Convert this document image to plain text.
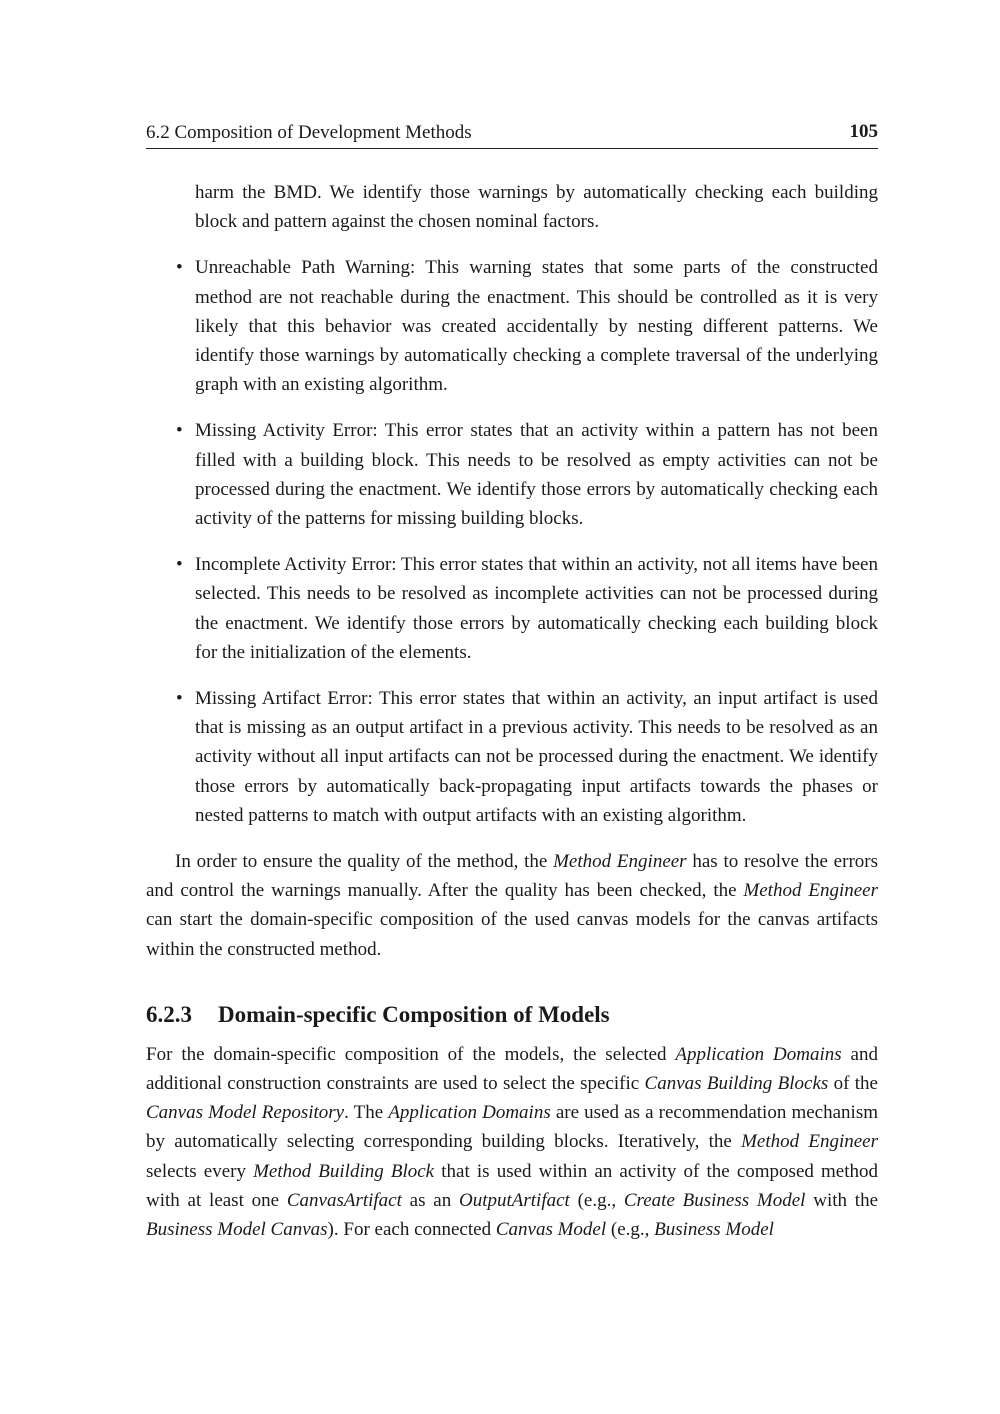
6.2 Composition of Development Methods	105
harm the BMD. We identify those warnings by automatically checking each building block and pattern against the chosen nominal factors.
• Unreachable Path Warning: This warning states that some parts of the constructed method are not reachable during the enactment. This should be controlled as it is very likely that this behavior was created accidentally by nesting different patterns. We identify those warnings by automatically checking a complete traversal of the underlying graph with an existing algorithm.
• Missing Activity Error: This error states that an activity within a pattern has not been filled with a building block. This needs to be resolved as empty activities can not be processed during the enactment. We identify those errors by automatically checking each activity of the patterns for missing building blocks.
• Incomplete Activity Error: This error states that within an activity, not all items have been selected. This needs to be resolved as incomplete activities can not be processed during the enactment. We identify those errors by automatically checking each building block for the initialization of the elements.
• Missing Artifact Error: This error states that within an activity, an input artifact is used that is missing as an output artifact in a previous activity. This needs to be resolved as an activity without all input artifacts can not be processed during the enactment. We identify those errors by automatically back-propagating input artifacts towards the phases or nested patterns to match with output artifacts with an existing algorithm.

In order to ensure the quality of the method, the Method Engineer has to resolve the errors and control the warnings manually. After the quality has been checked, the Method Engineer can start the domain-specific composition of the used canvas models for the canvas artifacts within the constructed method.

6.2.3 Domain-specific Composition of Models

For the domain-specific composition of the models, the selected Application Domains and additional construction constraints are used to select the specific Canvas Building Blocks of the Canvas Model Repository. The Application Domains are used as a recommendation mechanism by automatically selecting corresponding building blocks. Iteratively, the Method Engineer selects every Method Building Block that is used within an activity of the composed method with at least one CanvasArtifact as an OutputArtifact (e.g., Create Business Model with the Business Model Canvas). For each connected Canvas Model (e.g., Business Model
